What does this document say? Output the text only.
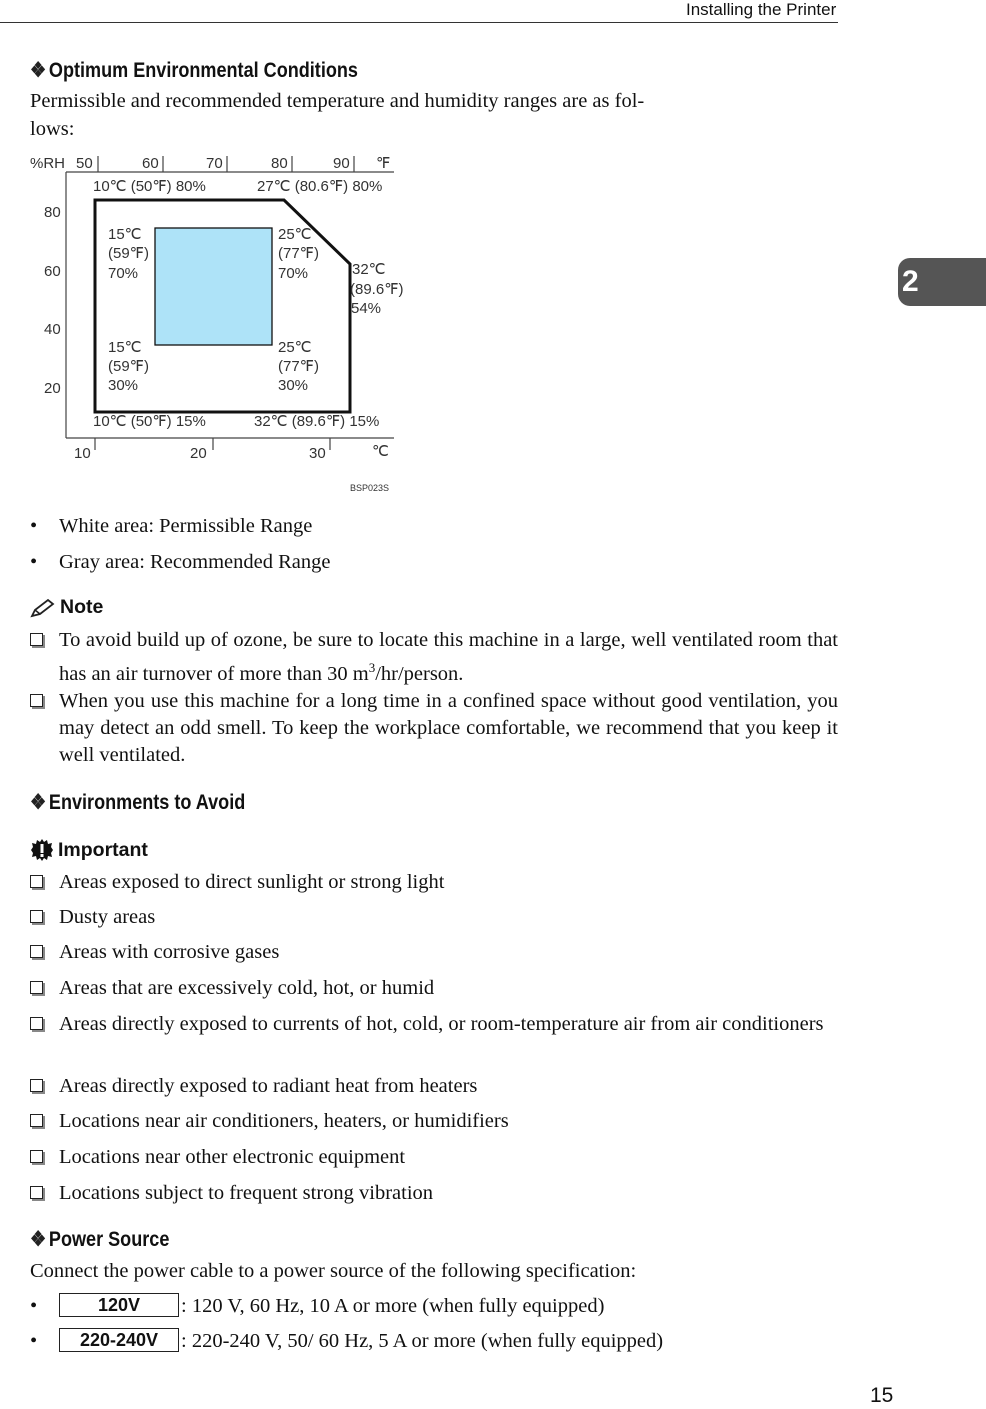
Installing the Printer
2
❖ Optimum Environmental Conditions
Permissible and recommended temperature and humidity ranges are as fol-
lows:
%RH	℉
50	60	70	80	90
80
60
40
20
10	20	30	℃
10℃ (50℉) 80%	27℃ (80.6℉) 80%
10℃ (50℉) 15%	32℃ (89.6℉) 15%
32℃
(89.6℉)
54%
15℃
(59℉)
70%
25℃
(77℉)
70%
15℃
(59℉)
30%
25℃
(77℉)
30%
BSP023S
• White area: Permissible Range
• Gray area: Recommended Range
Note
To avoid build up of ozone, be sure to locate this machine in a large, well ventilated room that has an air turnover of more than 30 $m^3/hr$/person.
When you use this machine for a long time in a confined space without good ventilation, you may detect an odd smell. To keep the workplace comfortable, we recommend that you keep it well ventilated.
❖ Environments to Avoid
Important
Areas exposed to direct sunlight or strong light
Dusty areas
Areas with corrosive gases
Areas that are excessively cold, hot, or humid
Areas directly exposed to currents of hot, cold, or room-temperature air from air conditioners
Areas directly exposed to radiant heat from heaters
Locations near air conditioners, heaters, or humidifiers
Locations near other electronic equipment
Locations subject to frequent strong vibration
❖ Power Source
Connect the power cable to a power source of the following specification:
•	120V : 120 V, 60 Hz, 10 A or more (when fully equipped)
• 220-240V : 220-240 V, 50/ 60 Hz, 5 A or more (when fully equipped)
15
